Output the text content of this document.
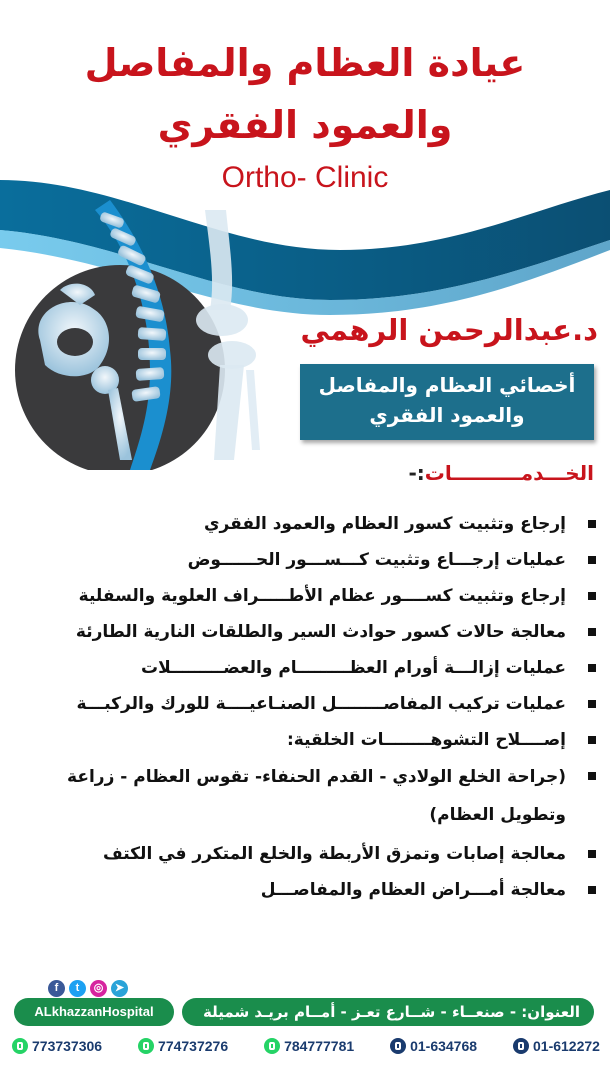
عيادة العظام والمفاصل
والعمود الفقري
Ortho- Clinic
د.عبدالرحمن الرهمي
أخصائي العظام والمفاصل
والعمود الفقري
الخـــدمــــــــــات:-
إرجاع وتثبيت كسور العظام والعمود الفقري
عمليات إرجـــاع وتثبيت كـــســـور الحــــــوض
إرجاع وتثبيت كســــور عظام الأطـــــراف العلوية والسفلية
معالجة حالات كسور حوادث السير والطلقات النارية الطارئة
عمليات إزالـــة أورام العظـــــــــام والعضـــــــــلات
عمليات تركيب المفاصــــــــل الصنـاعيــــة للورك والركبـــة
إصــــلاح التشوهــــــــات الخلقية:
(جراحة الخلع الولادي - القدم الحنفاء- تقوس العظام - زراعة وتطويل العظام)
معالجة إصابات وتمزق الأربطة والخلع المتكرر في الكتف
معالجة أمـــراض العظام والمفاصـــل
f	t	◎	➤
ALkhazzanHospital	العنوان: - صنعــاء - شــارع تعـز - أمــام بريـد شميلة
773737306	774737276	784777781	01-634768	01-612272
